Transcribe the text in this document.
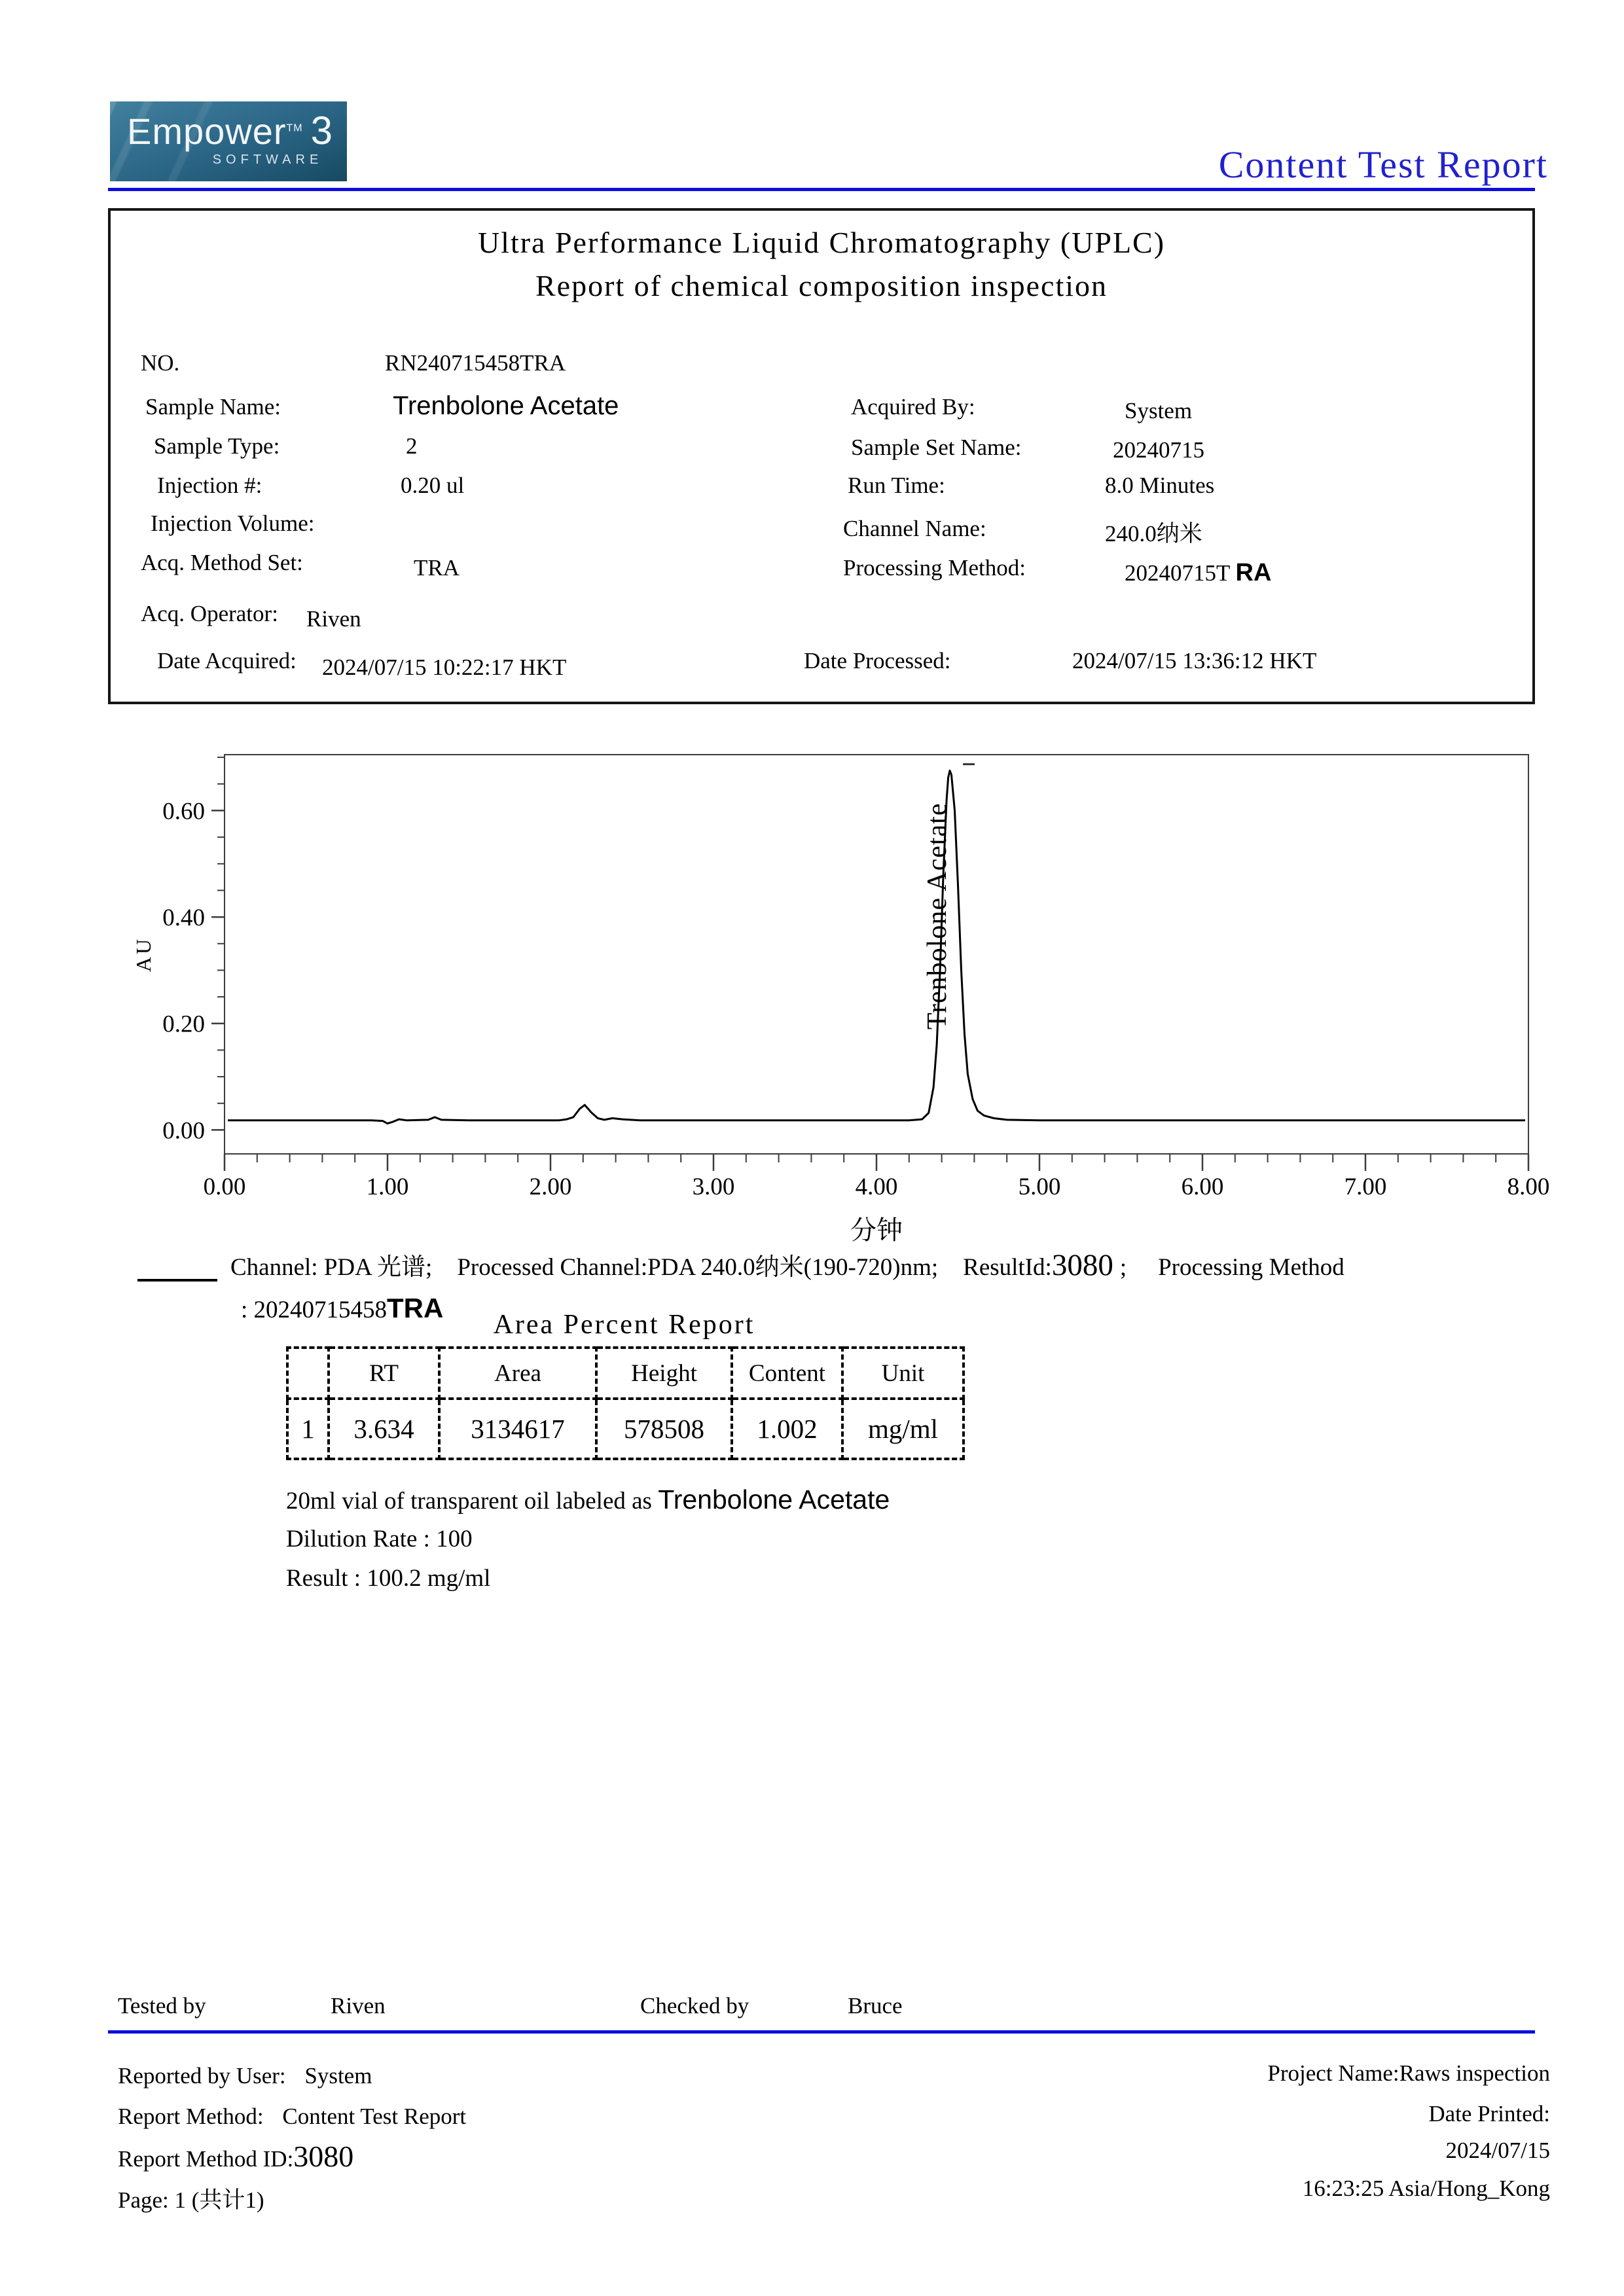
Empower™ 3
SOFTWARE	Content Test Report
Ultra Performance Liquid Chromatography (UPLC)
Report of chemical composition inspection
NO.	RN240715458TRA
Sample Name:	Trenbolone Acetate
Sample Type:	2
Injection #:	0.20 ul
Injection Volume:
Acq. Method Set:	TRA
Acq. Operator: Riven
Date Acquired: 2024/07/15 10:22:17 HKT
Acquired By:	System
Sample Set Name:	20240715
Run Time:	8.0 Minutes
Channel Name:	240.0纳米
Processing Method:	20240715T RA
Date Processed:	2024/07/15 13:36:12 HKT
0.00	1.00	2.00	3.00	4.00	5.00	6.00	7.00	8.00
0.00
0.20
0.40
0.60
AU
分钟
Trenbolone Acetate
Channel: PDA 光谱; Processed Channel:PDA 240.0纳米(190-720)nm; ResultId:3080 ; Processing Method
: 20240715458TRA
Area Percent Report
	RT	Area	Height	Content	Unit
1	3.634	3134617	578508	1.002	mg/ml
20ml vial of transparent oil labeled as Trenbolone Acetate
Dilution Rate : 100
Result : 100.2 mg/ml
Tested by	Riven	Checked by	Bruce
Reported by User: System
Report Method: Content Test Report
Report Method ID:3080
Page: 1 (共计1)
Project Name:Raws inspection
Date Printed:
2024/07/15
16:23:25 Asia/Hong_Kong
